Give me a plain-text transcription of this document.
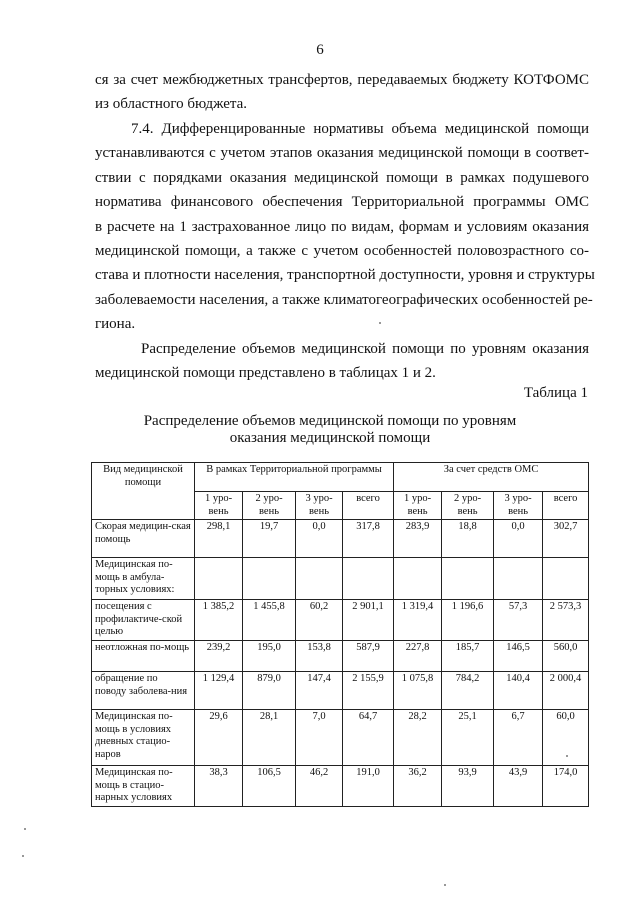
6

ся за счет межбюджетных трансфертов, передаваемых бюджету КОТФОМС
из областного бюджета.

7.4. Дифференцированные нормативы объема медицинской помощи
устанавливаются с учетом этапов оказания медицинской помощи в соответ-
ствии с порядками оказания медицинской помощи в рамках подушевого
норматива финансового обеспечения Территориальной программы ОМС
в расчете на 1 застрахованное лицо по видам, формам и условиям оказания
медицинской помощи, а также с учетом особенностей половозрастного со-
става и плотности населения, транспортной доступности, уровня и структуры
заболеваемости населения, а также климатогеографических особенностей ре-
гиона.

Распределение объемов медицинской помощи по уровням оказания
медицинской помощи представлено в таблицах 1 и 2.

Таблица 1
Распределение объемов медицинской помощи по уровням
оказания медицинской помощи
Вид медицинской помощи	В рамках Территориальной программы				За счет средств ОМС			
	1 уро-вень	2 уро-вень	3 уро-вень	всего	1 уро-вень	2 уро-вень	3 уро-вень	всего
Скорая медицин-ская помощь	298,1	19,7	0,0	317,8	283,9	18,8	0,0	302,7
Медицинская по-мощь в амбула-торных условиях:								
посещения с профилактиче-ской целью	1 385,2	1 455,8	60,2	2 901,1	1 319,4	1 196,6	57,3	2 573,3
неотложная по-мощь	239,2	195,0	153,8	587,9	227,8	185,7	146,5	560,0
обращение по поводу заболева-ния	1 129,4	879,0	147,4	2 155,9	1 075,8	784,2	140,4	2 000,4
Медицинская по-мощь в условиях дневных стацио-наров	29,6	28,1	7,0	64,7	28,2	25,1	6,7	60,0
Медицинская по-мощь в стацио-нарных условиях	38,3	106,5	46,2	191,0	36,2	93,9	43,9	174,0
